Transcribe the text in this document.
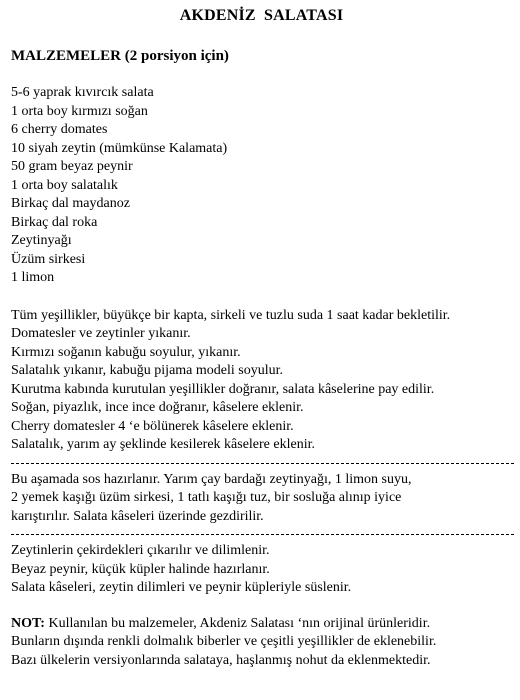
AKDENİZ SALATASI
MALZEMELER (2 porsiyon için)
5-6 yaprak kıvırcık salata
1 orta boy kırmızı soğan
6 cherry domates
10 siyah zeytin (mümkünse Kalamata)
50 gram beyaz peynir
1 orta boy salatalık
Birkaç dal maydanoz
Birkaç dal roka
Zeytinyağı
Üzüm sirkesi
1 limon
Tüm yeşillikler, büyükçe bir kapta, sirkeli ve tuzlu suda 1 saat kadar bekletilir.
Domatesler ve zeytinler yıkanır.
Kırmızı soğanın kabuğu soyulur, yıkanır.
Salatalık yıkanır, kabuğu pijama modeli soyulur.
Kurutma kabında kurutulan yeşillikler doğranır, salata kâselerine pay edilir.
Soğan, piyazlık, ince ince doğranır, kâselere eklenir.
Cherry domatesler 4 ‘e bölünerek kâselere eklenir.
Salatalık, yarım ay şeklinde kesilerek kâselere eklenir.
Bu aşamada sos hazırlanır. Yarım çay bardağı zeytinyağı, 1 limon suyu,
2 yemek kaşığı üzüm sirkesi, 1 tatlı kaşığı tuz, bir sosluğa alınıp iyice
karıştırılır. Salata kâseleri üzerinde gezdirilir.
Zeytinlerin çekirdekleri çıkarılır ve dilimlenir.
Beyaz peynir, küçük küpler halinde hazırlanır.
Salata kâseleri, zeytin dilimleri ve peynir küpleriyle süslenir.
NOT: Kullanılan bu malzemeler, Akdeniz Salatası ‘nın orijinal ürünleridir.
Bunların dışında renkli dolmalık biberler ve çeşitli yeşillikler de eklenebilir.
Bazı ülkelerin versiyonlarında salataya, haşlanmış nohut da eklenmektedir.
